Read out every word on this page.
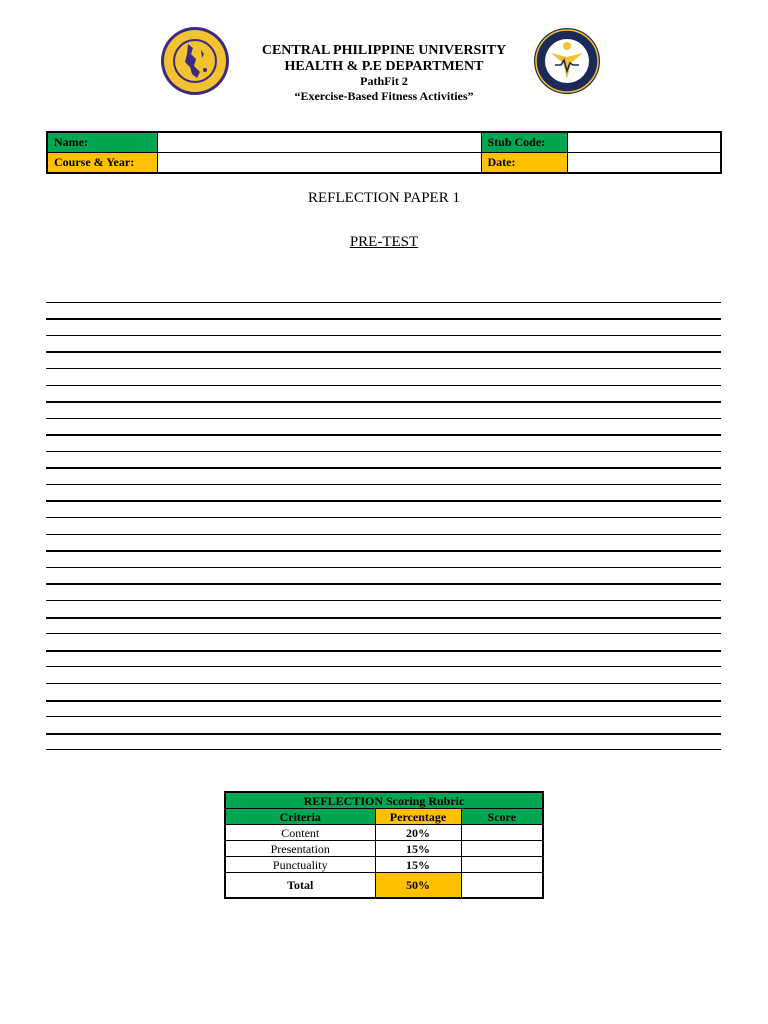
CENTRAL PHILIPPINE UNIVERSITY
HEALTH & P.E DEPARTMENT
PathFit 2
“Exercise-Based Fitness Activities”
Name:		Stub Code:	
Course & Year:		Date:	
REFLECTION PAPER 1
PRE-TEST
REFLECTION Scoring Rubric		
Criteria	Percentage	Score
Content	20%	
Presentation	15%	
Punctuality	15%	
Total	50%	
